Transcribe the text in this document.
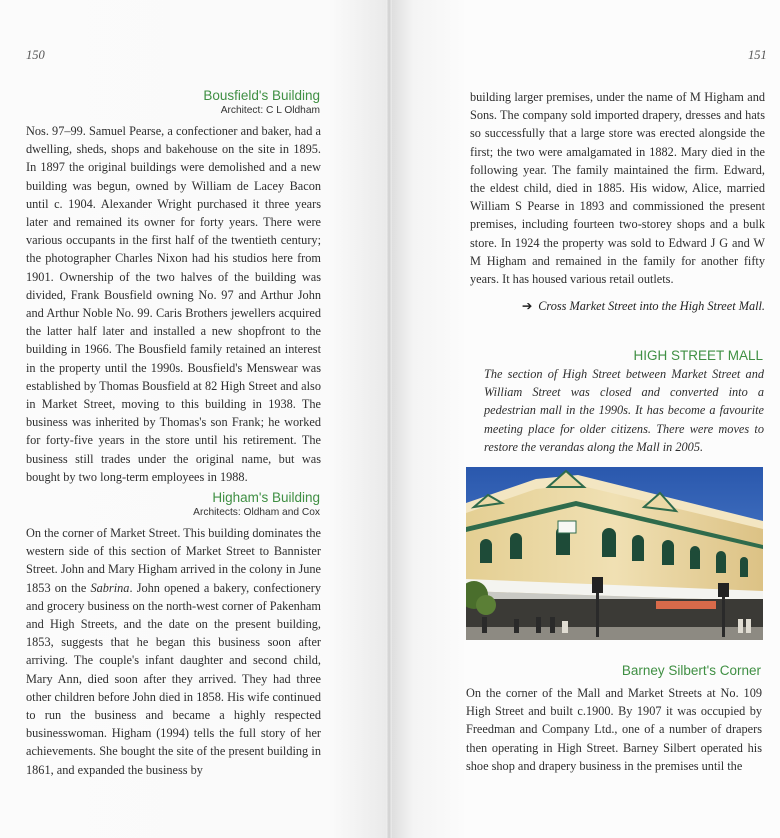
150
Bousfield's Building
Architect: C L Oldham
Nos. 97–99. Samuel Pearse, a confectioner and baker, had a dwelling, sheds, shops and bakehouse on the site in 1895. In 1897 the original buildings were demolished and a new building was begun, owned by William de Lacey Bacon until c. 1904. Alexander Wright purchased it three years later and remained its owner for forty years. There were various occupants in the first half of the twentieth century; the photographer Charles Nixon had his studios here from 1901. Ownership of the two halves of the building was divided, Frank Bousfield owning No. 97 and Arthur John and Arthur Noble No. 99. Caris Brothers jewellers acquired the latter half later and installed a new shopfront to the building in 1966. The Bousfield family retained an interest in the property until the 1990s. Bousfield's Menswear was established by Thomas Bousfield at 82 High Street and also in Market Street, moving to this building in 1938. The business was inherited by Thomas's son Frank; he worked for forty-five years in the store until his retirement. The business still trades under the original name, but was bought by two long-term employees in 1988.
Higham's Building
Architects: Oldham and Cox
On the corner of Market Street. This building dominates the western side of this section of Market Street to Bannister Street. John and Mary Higham arrived in the colony in June 1853 on the Sabrina. John opened a bakery, confectionery and grocery business on the north-west corner of Pakenham and High Streets, and the date on the present building, 1853, suggests that he began this business soon after arriving. The couple's infant daughter and second child, Mary Ann, died soon after they arrived. They had three other children before John died in 1858. His wife continued to run the business and became a highly respected businesswoman. Higham (1994) tells the full story of her achievements. She bought the site of the present building in 1861, and expanded the business by
151
building larger premises, under the name of M Higham and Sons. The company sold imported drapery, dresses and hats so successfully that a large store was erected alongside the first; the two were amalgamated in 1882. Mary died in the following year. The family maintained the firm. Edward, the eldest child, died in 1885. His widow, Alice, married William S Pearse in 1893 and commissioned the present premises, including fourteen two-storey shops and a bulk store. In 1924 the property was sold to Edward J G and W M Higham and remained in the family for another fifty years. It has housed various retail outlets.
➔ Cross Market Street into the High Street Mall.
HIGH STREET MALL
The section of High Street between Market Street and William Street was closed and converted into a pedestrian mall in the 1990s. It has become a favourite meeting place for older citizens. There were moves to restore the verandas along the Mall in 2005.
Barney Silbert's Corner
On the corner of the Mall and Market Streets at No. 109 High Street and built c.1900. By 1907 it was occupied by Freedman and Company Ltd., one of a number of drapers then operating in High Street. Barney Silbert operated his shoe shop and drapery business in the premises until the
